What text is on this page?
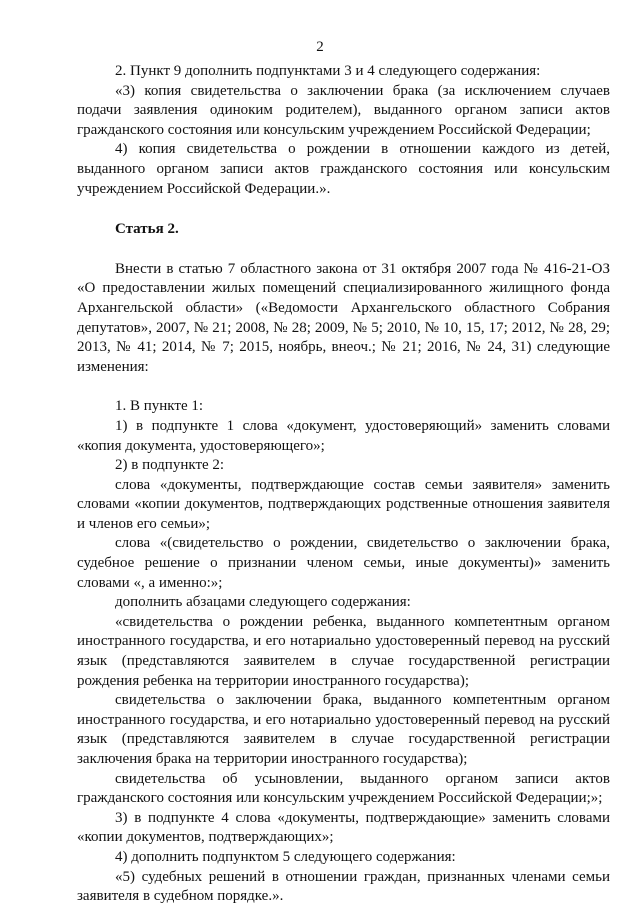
2

2. Пункт 9 дополнить подпунктами 3 и 4 следующего содержания:

«3) копия свидетельства о заключении брака (за исключением случаев подачи заявления одиноким родителем), выданного органом записи актов гражданского состояния или консульским учреждением Российской Федерации;

4) копия свидетельства о рождении в отношении каждого из детей, выданного органом записи актов гражданского состояния или консульским учреждением Российской Федерации.».

Статья 2.

Внести в статью 7 областного закона от 31 октября 2007 года № 416-21-ОЗ «О предоставлении жилых помещений специализированного жилищного фонда Архангельской области» («Ведомости Архангельского областного Собрания депутатов», 2007, № 21; 2008, № 28; 2009, № 5; 2010, № 10, 15, 17; 2012, № 28, 29; 2013, № 41; 2014, № 7; 2015, ноябрь, внеоч.; № 21; 2016, № 24, 31) следующие изменения:

1. В пункте 1:

1) в подпункте 1 слова «документ, удостоверяющий» заменить словами «копия документа, удостоверяющего»;

2) в подпункте 2:

слова «документы, подтверждающие состав семьи заявителя» заменить словами «копии документов, подтверждающих родственные отношения заявителя и членов его семьи»;

слова «(свидетельство о рождении, свидетельство о заключении брака, судебное решение о признании членом семьи, иные документы)» заменить словами «, а именно:»;

дополнить абзацами следующего содержания:

«свидетельства о рождении ребенка, выданного компетентным органом иностранного государства, и его нотариально удостоверенный перевод на русский язык (представляются заявителем в случае государственной регистрации рождения ребенка на территории иностранного государства);

свидетельства о заключении брака, выданного компетентным органом иностранного государства, и его нотариально удостоверенный перевод на русский язык (представляются заявителем в случае государственной регистрации заключения брака на территории иностранного государства);

свидетельства об усыновлении, выданного органом записи актов гражданского состояния или консульским учреждением Российской Федерации;»;

3) в подпункте 4 слова «документы, подтверждающие» заменить словами «копии документов, подтверждающих»;

4) дополнить подпунктом 5 следующего содержания:

«5) судебных решений в отношении граждан, признанных членами семьи заявителя в судебном порядке.».
